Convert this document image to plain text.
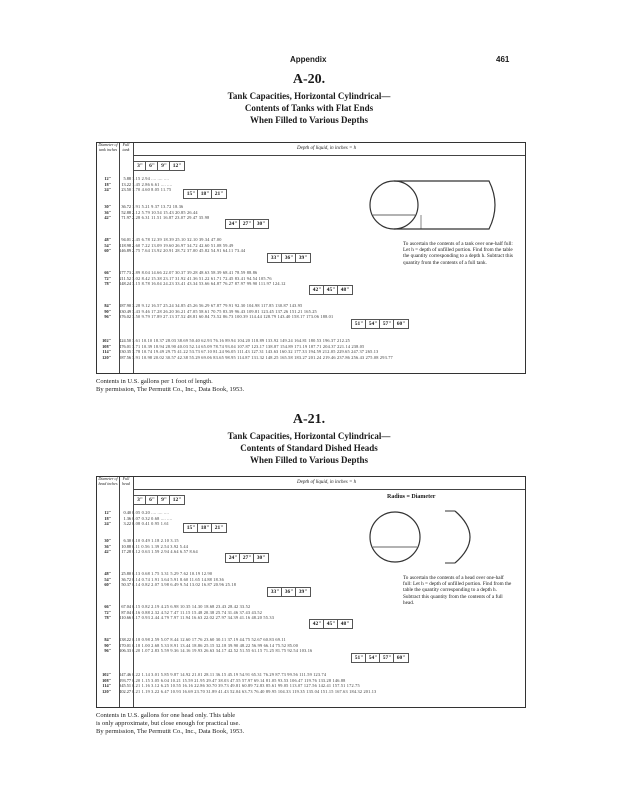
Appendix	461
A-20.
Tank Capacities, Horizontal Cylindrical—
Contents of Tanks with Flat Ends
When Filled to Various Depths
Diameter of tank inches
Full tank	Depth of liquid, in inches = h
3"	6"	9"	12"
15" 18" 21"
24" 27" 30"
33" 36" 39"
42" 45" 48"
51" 54" 57" 60"
12"	5.88 1.15 2.94 .... .... ....
18"	13.22 1.45 2.86 6.61 .... ....
24"	23.50 1.70 4.60 8.05 11.75
30"	36.72 1.91 5.21 9.37 13.72 18.36
36"	52.88 2.12 5.79 10.54 15.43 20.85 26.44
42"	71.97 2.28 6.31 11.51 16.87 23.07 29.47 35.98
48"	94.01 2.45 6.78 12.39 18.39 25.10 32.10 39.34 47.00
54"	118.98 2.60 7.22 13.09 19.60 26.97 34.72 42.60 51.08 59.49
60"	146.89 2.75 7.64 13.92 20.91 28.72 37.00 45.82 54.91 64.11 73.44
66"	177.73 2.89 8.04 14.66 22.07 30.37 39.28 48.63 58.39 68.41 78.59 88.86
72"	211.52 3.02 8.42 15.38 23.17 31.92 41.36 51.22 61.71 72.45 83.41 94.54 105.76
78"	248.24 3.15 8.78 16.04 24.23 33.41 43.34 53.66 64.87 76.27 87.97 99.90 111.97 124.12
84"	287.90 3.28 9.12 16.57 25.24 34.85 45.26 56.29 67.87 79.91 92.30 104.98 117.85 130.87 143.95
90"	330.49 3.43 9.46 17.28 26.20 36.21 47.05 58.61 70.75 83.39 96.43 109.81 123.45 137.26 151.21 165.25
96"	376.02 3.50 9.79 17.89 27.13 37.52 48.81 60.84 73.52 86.73 100.39 114.44 128.79 143.40 158.17 173.06 188.01
102"	424.50 3.61 10.10 18.37 28.03 38.69 50.40 62.93 76.16 89.94 104.20 118.89 133.92 149.24 164.81 180.53 196.37 212.25
108"	476.01 3.71 10.39 18.94 28.90 40.03 52.14 65.09 78.74 93.04 107.87 123.17 138.87 154.89 171.19 187.71 204.37 221.14 238.05
114"	530.35 3.78 10.74 19.49 29.75 41.22 53.73 67.10 81.24 96.05 111.43 127.31 143.63 160.32 177.33 194.59 212.05 229.65 247.37 265.13
120"	587.56 3.91 10.98 20.02 30.57 42.38 55.29 69.06 83.65 98.95 114.87 131.32 148.25 165.58 183.27 201.24 219.46 237.86 256.43 275.08 293.77
To ascertain the contents of a tank over one-half full: Let h = depth of unfilled portion. Find from the table the quantity corresponding to a depth h. Subtract this quantity from the contents of a full tank.
Contents in U.S. gallons per 1 foot of length.
By permission, The Permutit Co., Inc., Data Book, 1953.
A-21.
Tank Capacities, Horizontal Cylindrical—
Contents of Standard Dished Heads
When Filled to Various Depths
Diameter of head inches
Full head	Depth of liquid, in inches = h
Radius = Diameter
3"	6"	9"	12"
15" 18" 21"
24" 27" 30"
33" 36" 39"
42" 45" 48"
51" 54" 57" 60"
12"	0.40 0.05 0.20 .... .... ....
18"	1.36 0.07 0.32 0.68 .... ....
24"	3.22 0.08 0.41 0.95 1.61
30"	6.30 0.10 0.49 1.18 2.10 3.15
36"	10.88 0.11 0.56 1.39 2.54 3.92 5.44
42"	17.28 0.12 0.63 1.59 2.94 4.64 6.57 8.64
48"	25.80 0.13 0.68 1.75 3.31 5.29 7.62 10.19 12.90
54"	36.72 0.14 0.74 1.91 3.64 5.91 8.60 11.65 14.88 18.36
60"	50.37 0.14 0.82 2.07 3.98 6.49 9.54 13.02 16.87 20.96 25.18
66"	67.04 0.15 0.82 2.19 4.25 6.98 10.35 14.30 18.68 23.43 28.42 33.52
72"	87.04 0.16 0.88 2.32 4.52 7.47 11.15 15.48 20.38 25.74 31.46 37.43 43.52
78"	110.66 0.17 0.93 2.44 4.79 7.97 11.94 16.63 22.02 27.97 34.39 41.16 48.20 55.33
84"	138.22 0.18 0.98 2.59 5.07 8.44 12.60 17.76 23.60 30.11 37.19 44.75 52.67 60.83 69.11
90"	170.01 0.18 1.00 2.68 5.33 8.91 13.44 18.86 25.15 32.18 39.90 48.22 56.99 66.14 75.52 85.00
96"	206.33 0.20 1.07 2.83 5.59 9.36 14.16 19.93 26.63 34.17 42.52 51.55 61.15 71.25 81.75 92.54 103.16
102"	247.46 0.22 1.14 3.01 5.85 9.87 14.92 21.01 28.11 36.15 45.19 54.91 65.31 76.29 87.73 99.56 111.59 123.74
108"	293.77 0.20 1.15 3.05 6.04 10.21 15.59 21.95 29.47 38.03 47.55 57.97 69.14 81.05 93.53 106.47 119.76 133.28 146.88
114"	345.51 0.21 1.16 3.12 6.25 10.55 16.16 22.86 30.70 39.73 49.81 60.89 72.83 85.61 99.05 113.07 127.56 142.41 157.51 172.75
120"	402.27 0.21 1.19 3.22 6.47 10.93 16.69 23.70 31.89 41.43 52.04 63.73 76.40 89.95 104.33 119.35 135.04 151.15 167.63 184.32 201.13
To ascertain the contents of a head over one-half full: Let h = depth of unfilled portion. Find from the table the quantity corresponding to a depth h. Subtract this quantity from the contents of a full head.
Contents in U.S. gallons for one head only. This table
is only approximate, but close enough for practical use.
By permission, The Permutit Co., Inc., Data Book, 1953.
